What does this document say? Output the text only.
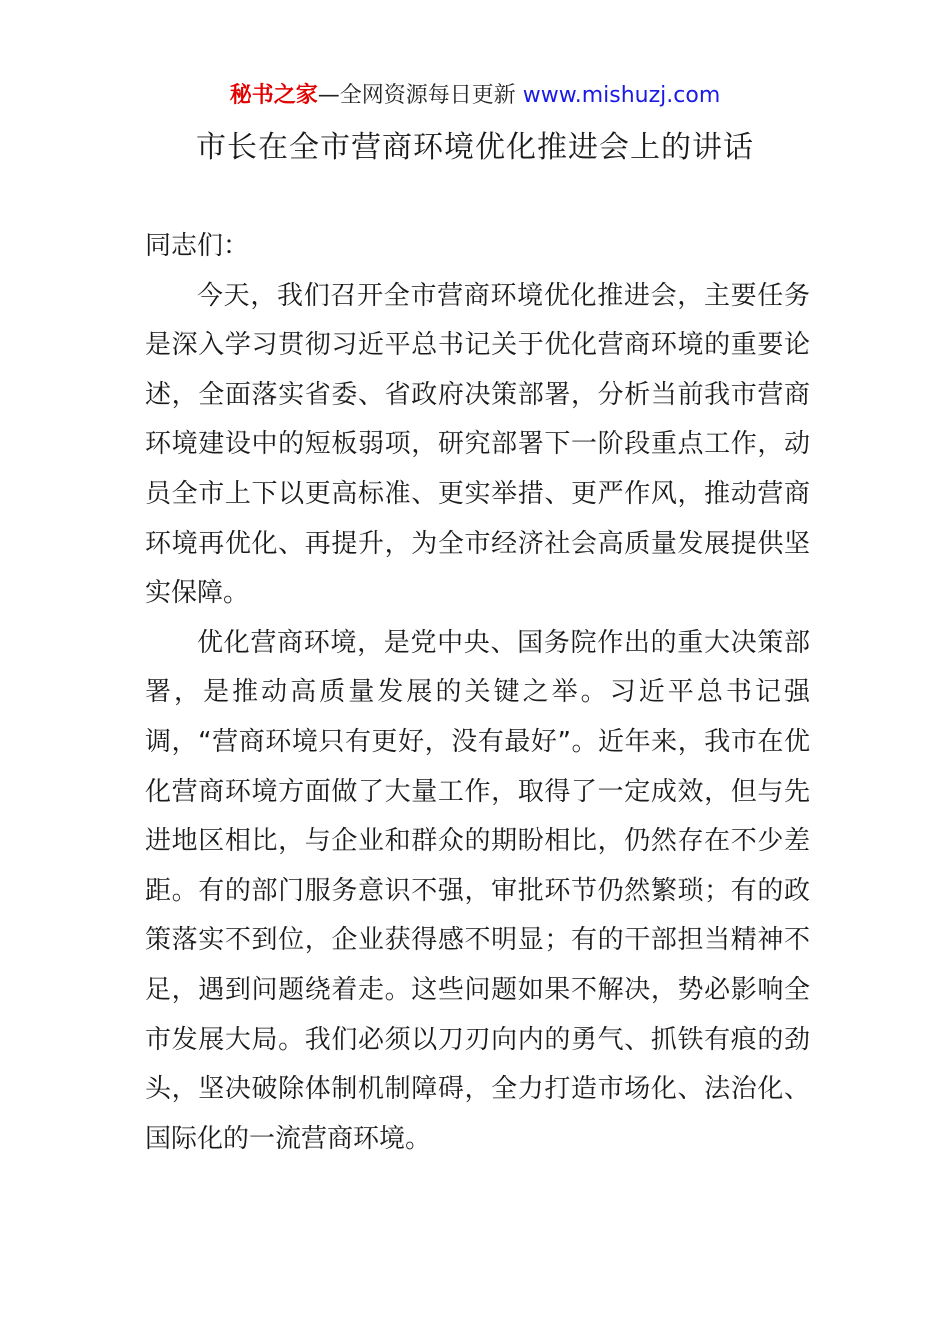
秘书之家—全网资源每日更新 www.mishuzj.com
市长在全市营商环境优化推进会上的讲话

同志们：

今天，我们召开全市营商环境优化推进会，主要任务是深入学习贯彻习近平总书记关于优化营商环境的重要论述，全面落实省委、省政府决策部署，分析当前我市营商环境建设中的短板弱项，研究部署下一阶段重点工作，动员全市上下以更高标准、更实举措、更严作风，推动营商环境再优化、再提升，为全市经济社会高质量发展提供坚实保障。

优化营商环境，是党中央、国务院作出的重大决策部署，是推动高质量发展的关键之举。习近平总书记强调，“营商环境只有更好，没有最好”。近年来，我市在优化营商环境方面做了大量工作，取得了一定成效，但与先进地区相比，与企业和群众的期盼相比，仍然存在不少差距。有的部门服务意识不强，审批环节仍然繁琐；有的政策落实不到位，企业获得感不明显；有的干部担当精神不足，遇到问题绕着走。这些问题如果不解决，势必影响全市发展大局。我们必须以刀刃向内的勇气、抓铁有痕的劲头，坚决破除体制机制障碍，全力打造市场化、法治化、国际化的一流营商环境。
